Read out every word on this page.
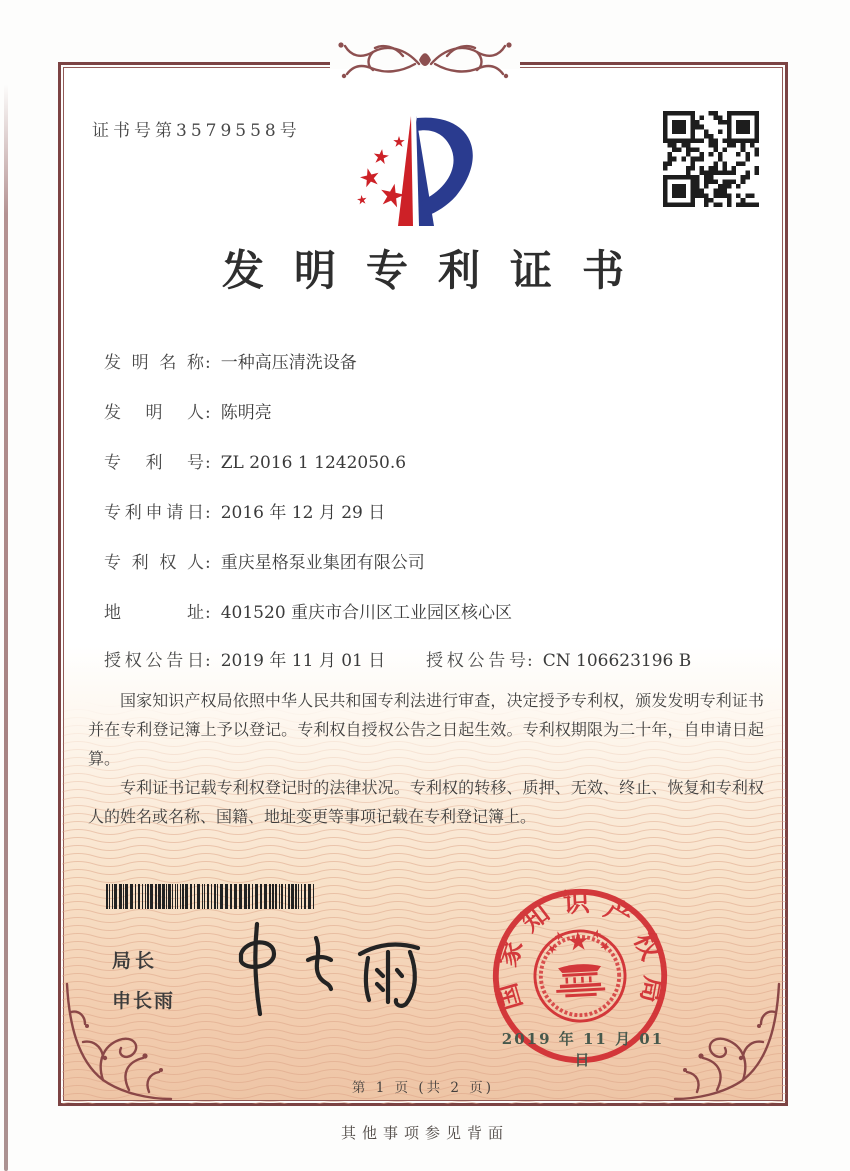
证书号第3579558号
发明专利证书
发明名称: 一种高压清洗设备
发明人: 陈明亮
专利号: ZL 2016 1 1242050.6
专利申请日: 2016 年 12 月 29 日
专利权人: 重庆星格泵业集团有限公司
地址: 401520 重庆市合川区工业园区核心区
授权公告日: 2019 年 11 月 01 日 授权公告号: CN 106623196 B

国家知识产权局依照中华人民共和国专利法进行审查，决定授予专利权，颁发发明专利证书并在专利登记簿上予以登记。专利权自授权公告之日起生效。专利权期限为二十年，自申请日起算。

专利证书记载专利权登记时的法律状况。专利权的转移、质押、无效、终止、恢复和专利权人的姓名或名称、国籍、地址变更等事项记载在专利登记簿上。

局长
申长雨	国家知识产权局
2019 年 11 月 01 日
第 1 页 (共 2 页)
其他事项参见背面
